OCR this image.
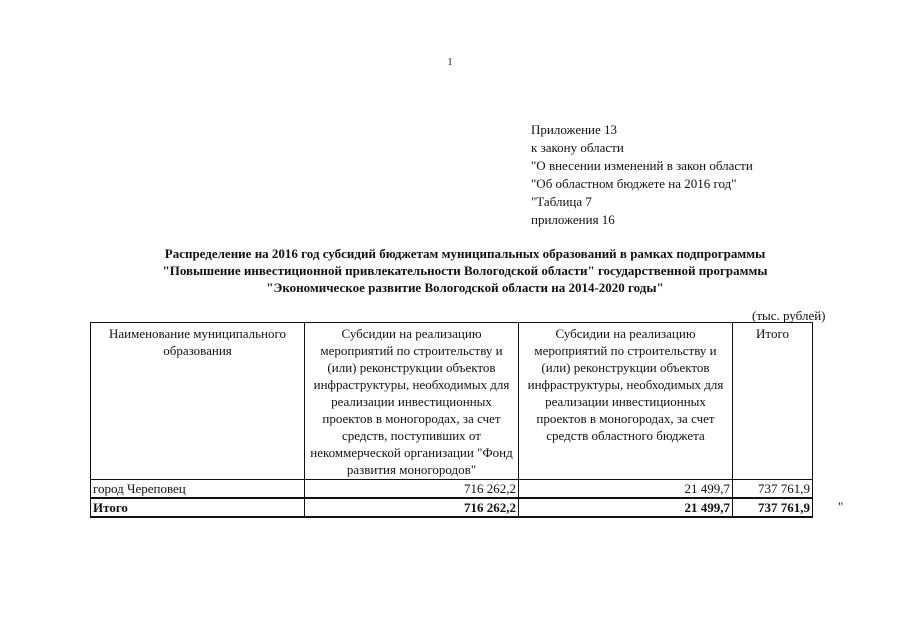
1
Приложение 13
к закону области
"О внесении изменений в закон области
"Об областном бюджете на 2016 год"
"Таблица 7
приложения 16
Распределение на 2016 год субсидий бюджетам муниципальных образований в рамках подпрограммы
"Повышение инвестиционной привлекательности Вологодской области" государственной программы
"Экономическое развитие Вологодской области на 2014-2020 годы"
(тыс. рублей)
Наименование муниципального образования	Субсидии на реализацию мероприятий по строительству и (или) реконструкции объектов инфраструктуры, необходимых для реализации инвестиционных проектов в моногородах, за счет средств, поступивших от некоммерческой организации "Фонд развития моногородов"	Субсидии на реализацию мероприятий по строительству и (или) реконструкции объектов инфраструктуры, необходимых для реализации инвестиционных проектов в моногородах, за счет средств областного бюджета	Итого
город Череповец	716 262,2	21 499,7	737 761,9
Итого	716 262,2	21 499,7	737 761,9 "
